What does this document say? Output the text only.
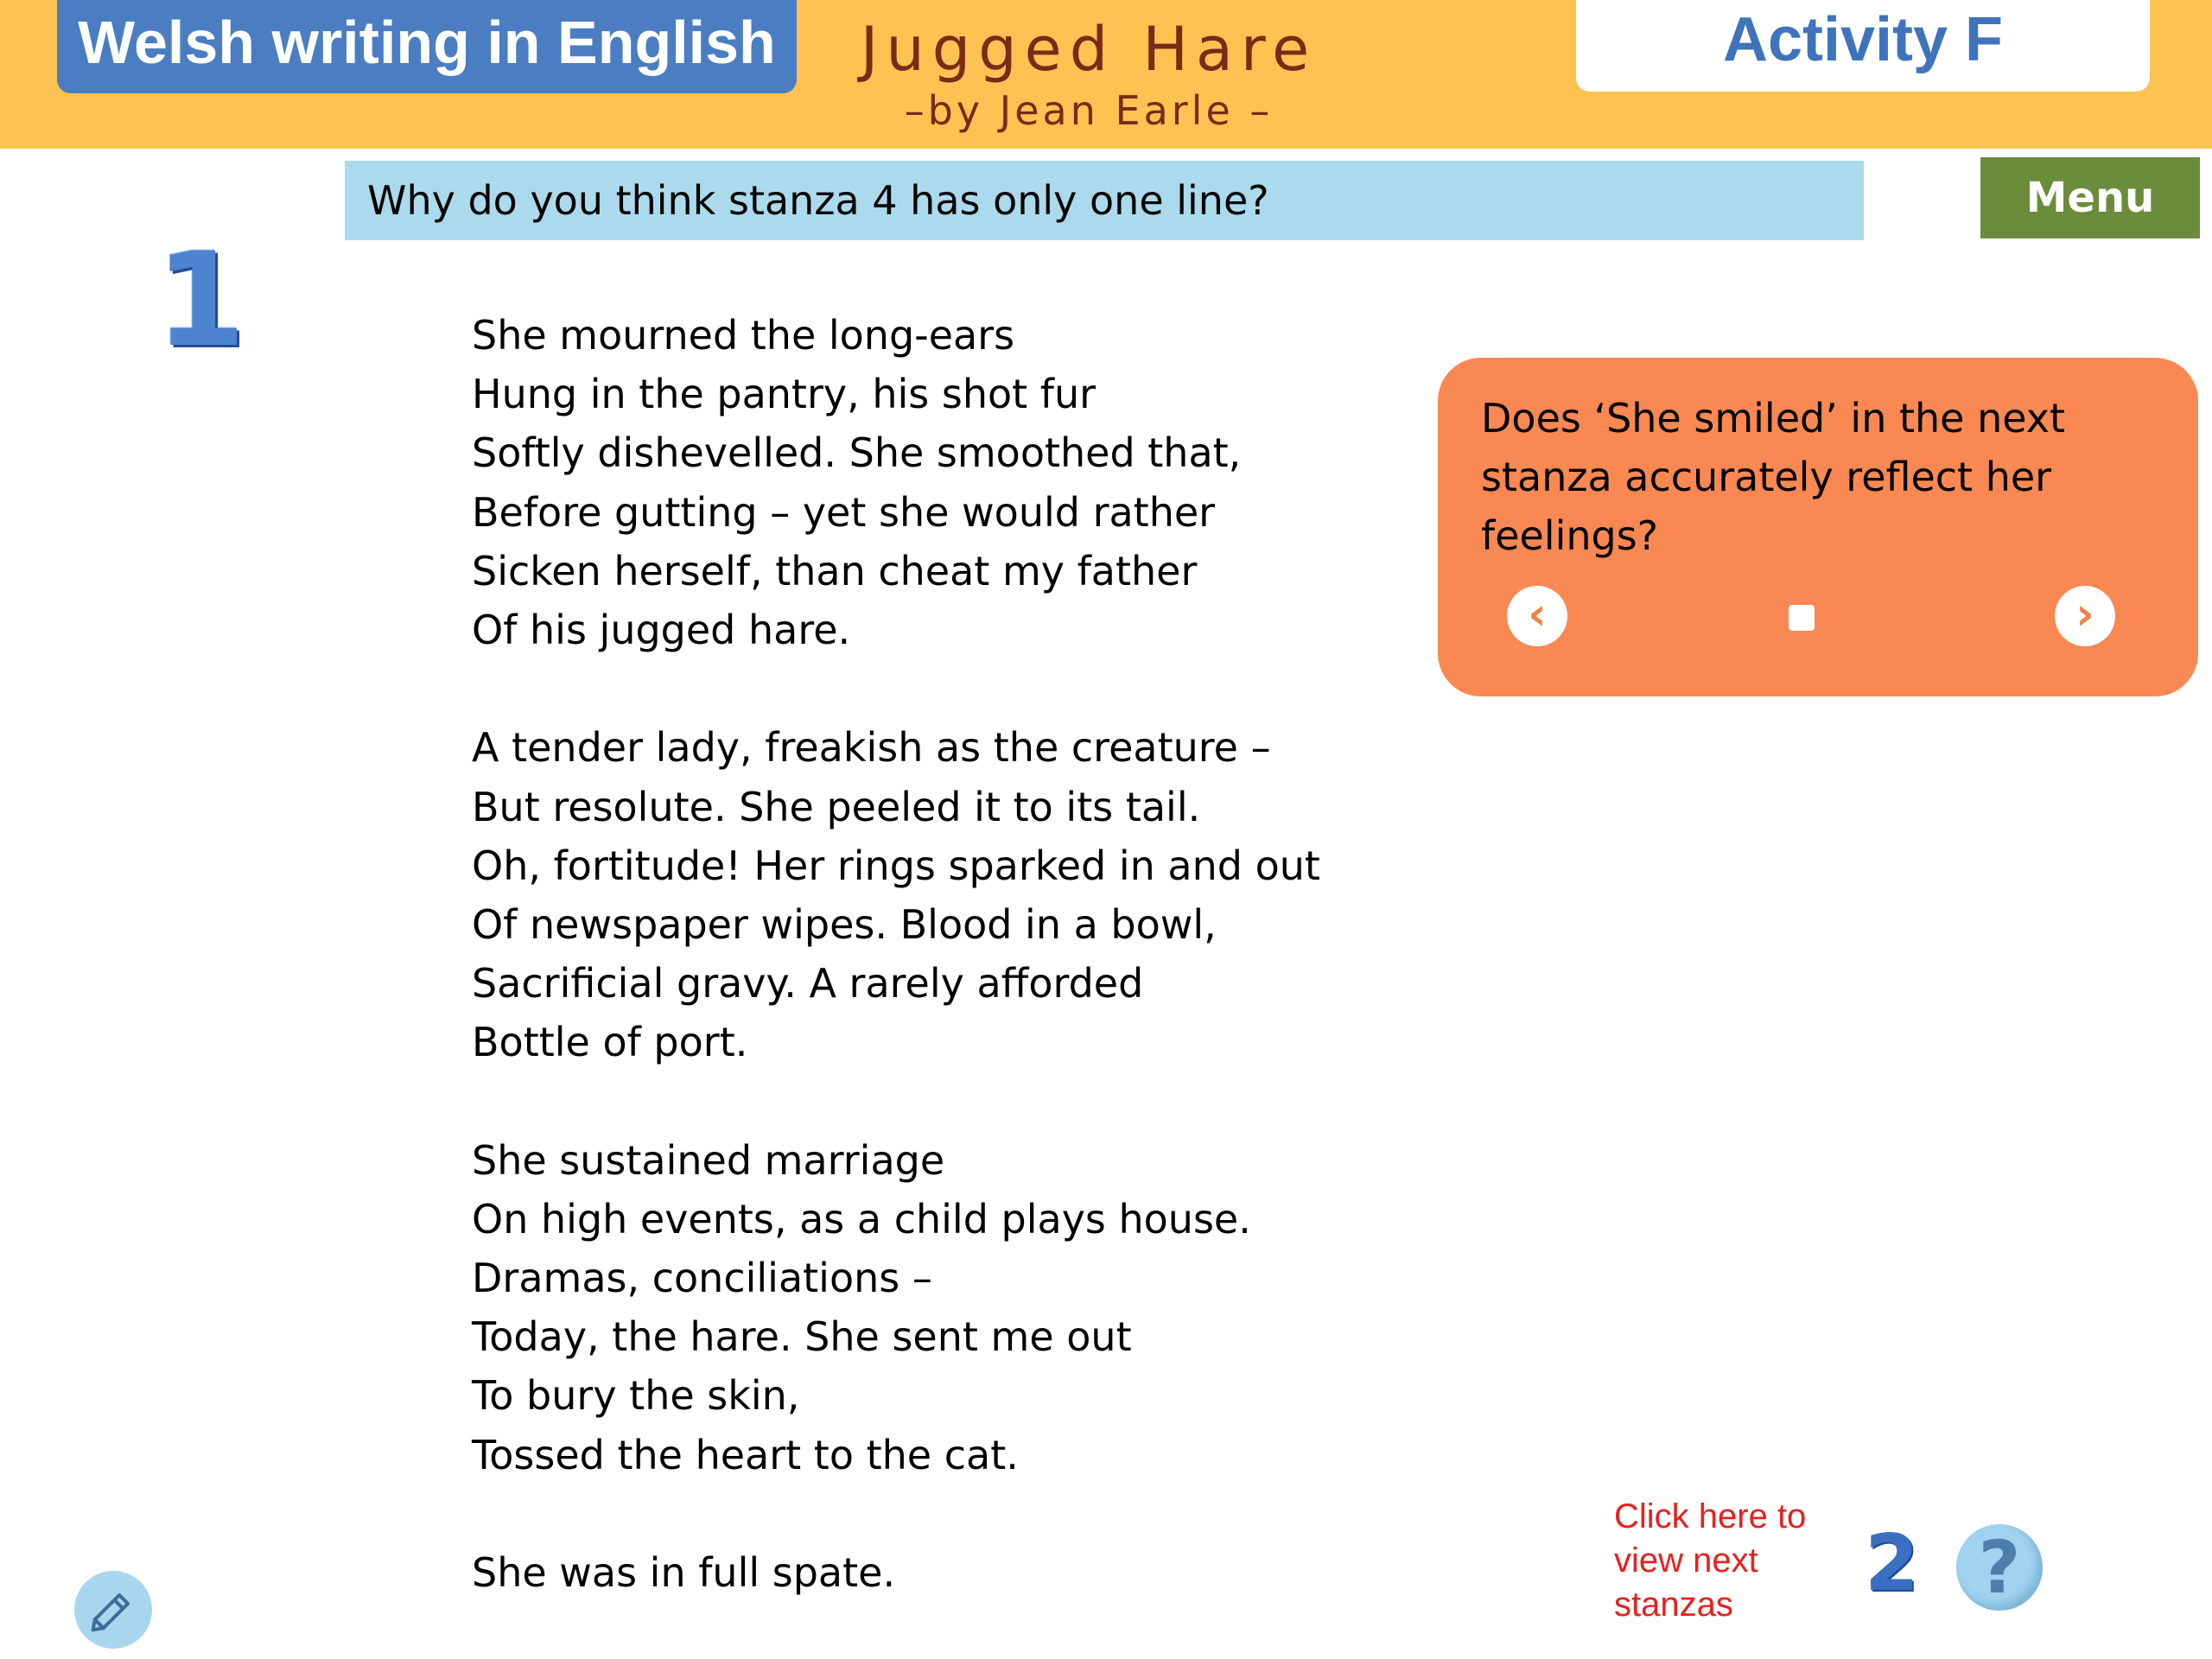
Welsh writing in English	Jugged Hare
–by Jean Earle –
Activity F
Why do you think stanza 4 has only one line?	Menu
1	She mourned the long-ears
Hung in the pantry, his shot fur
Softly dishevelled. She smoothed that,
Before gutting – yet she would rather
Sicken herself, than cheat my father
Of his jugged hare.
A tender lady, freakish as the creature –
But resolute. She peeled it to its tail.
Oh, fortitude! Her rings sparked in and out
Of newspaper wipes. Blood in a bowl,
Sacrificial gravy. A rarely afforded
Bottle of port.
She sustained marriage
On high events, as a child plays house.
Dramas, conciliations –
Today, the hare. She sent me out
To bury the skin,
Tossed the heart to the cat.
She was in full spate.
Does ‘She smiled’ in the next stanza accurately reflect her feelings?
‹	›
Click here to view next stanzas	2 ?
